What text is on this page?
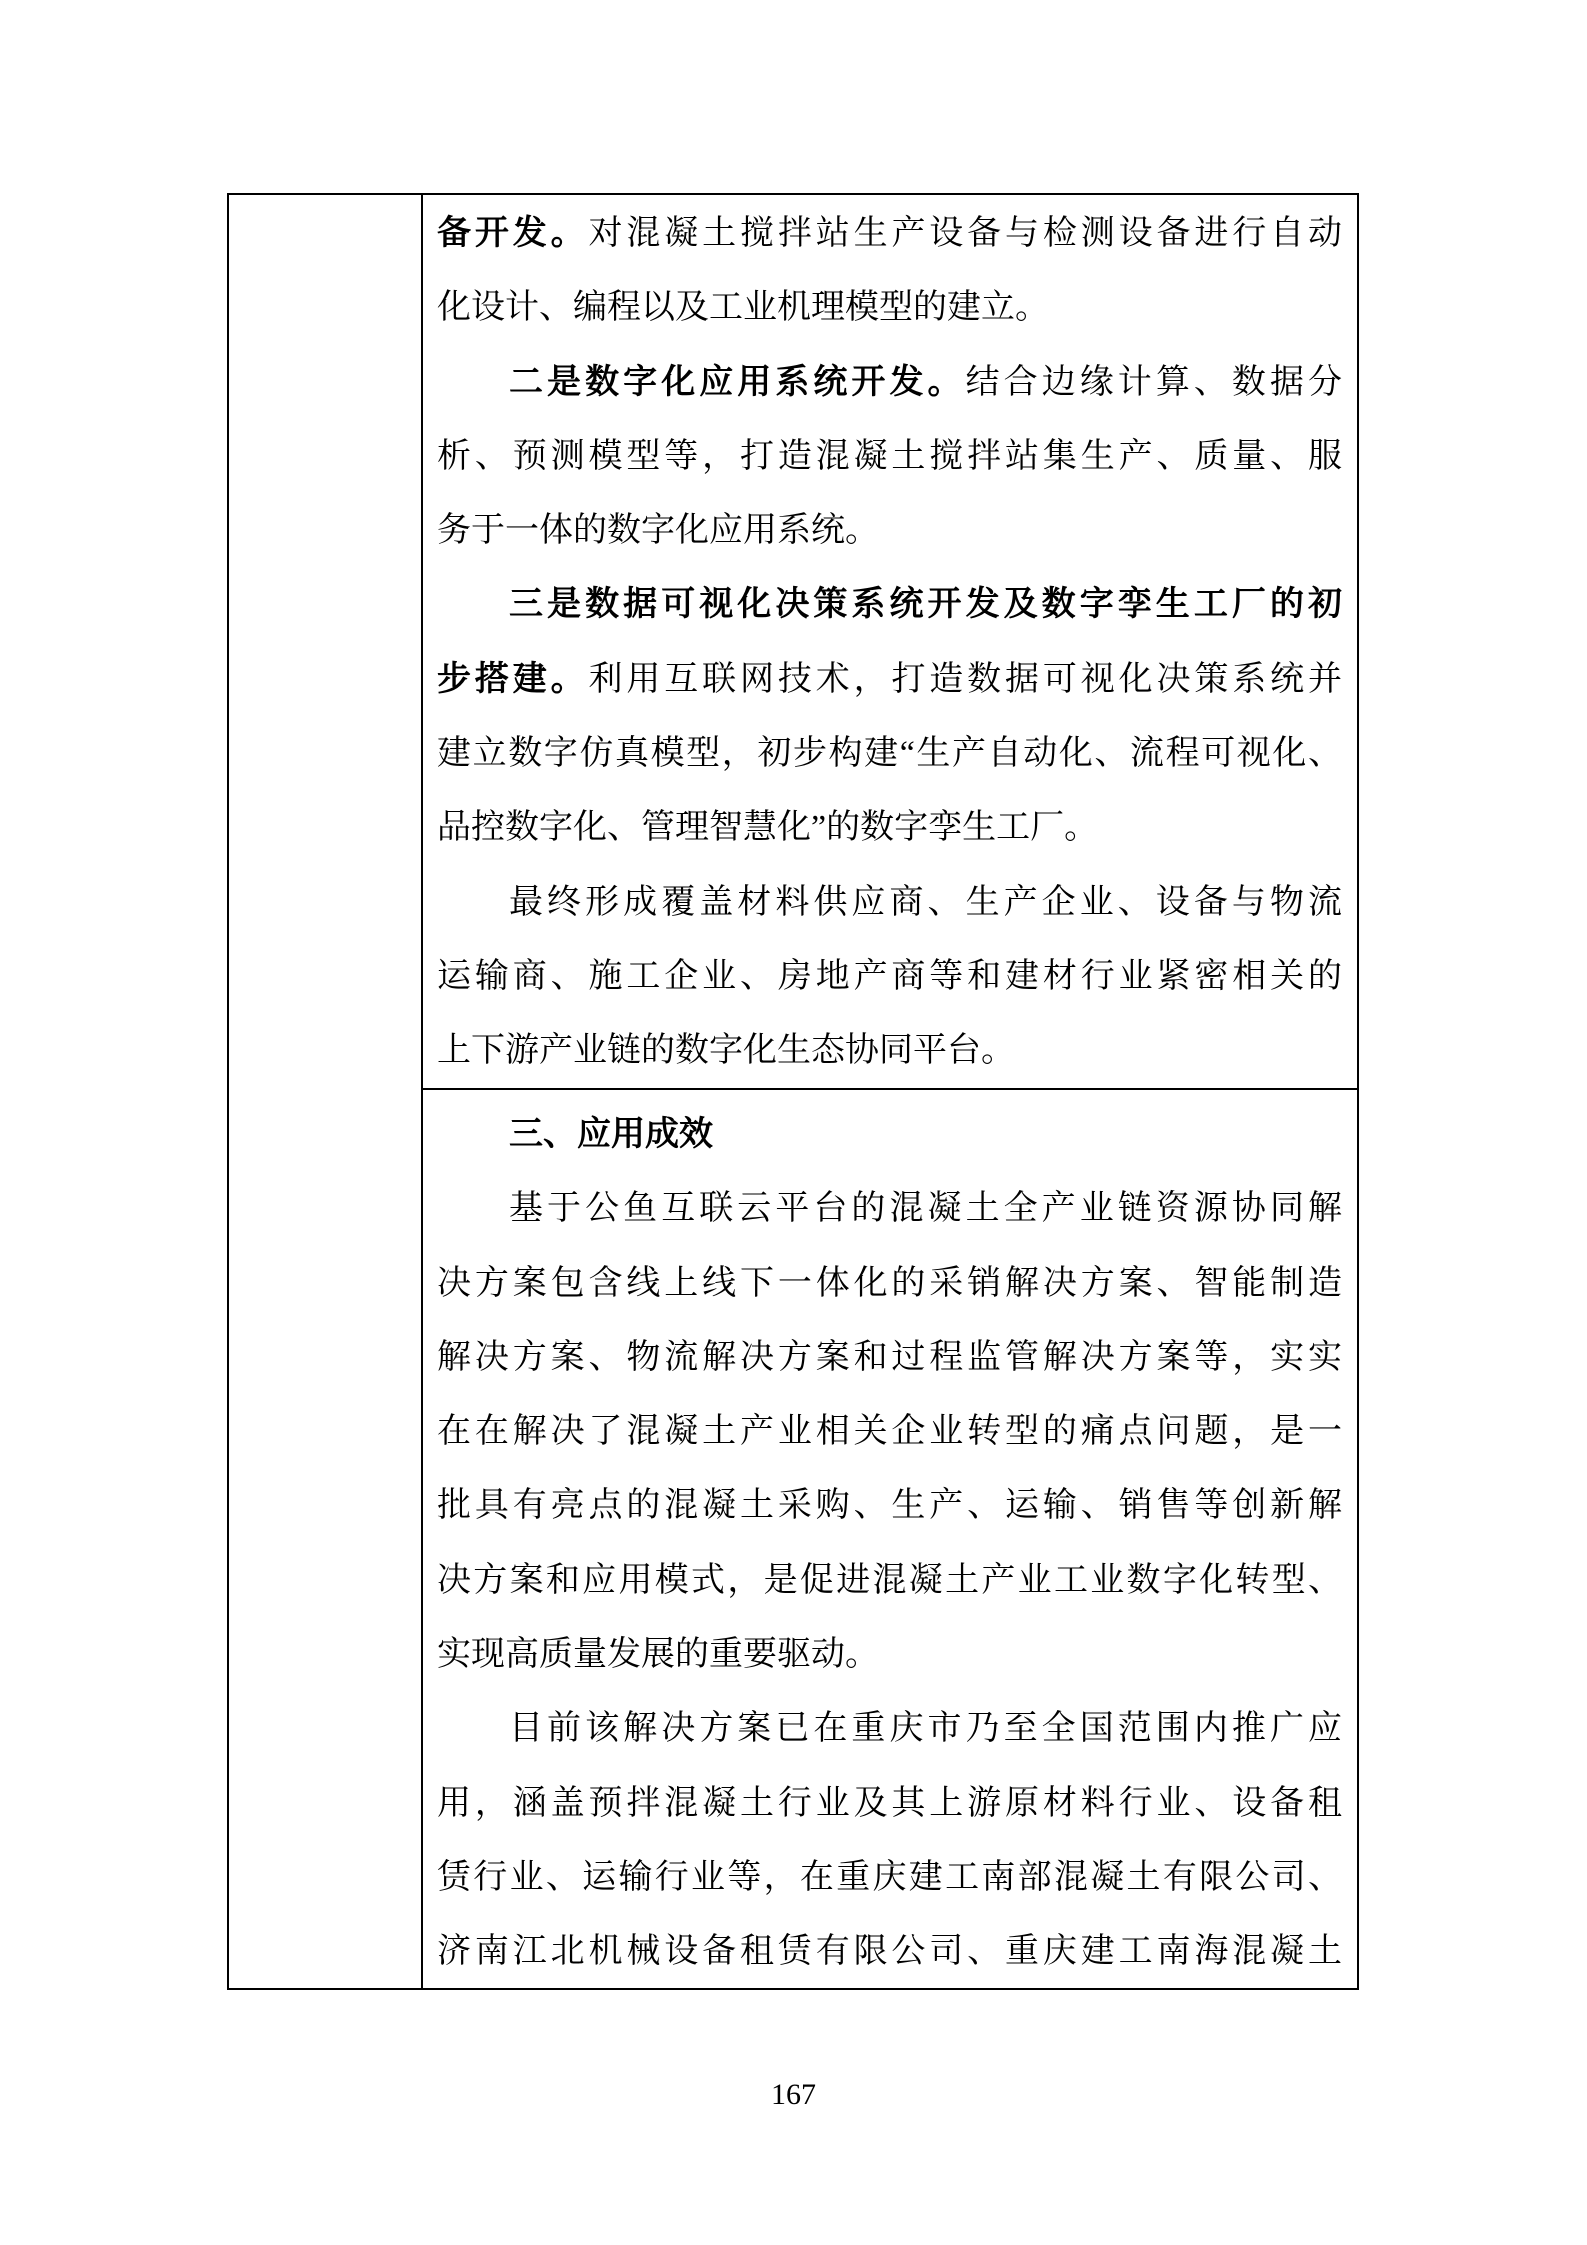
备开发。对混凝土搅拌站生产设备与检测设备进行自动
化设计、编程以及工业机理模型的建立。
二是数字化应用系统开发。结合边缘计算、数据分
析、预测模型等，打造混凝土搅拌站集生产、质量、服
务于一体的数字化应用系统。
三是数据可视化决策系统开发及数字孪生工厂的初
步搭建。利用互联网技术，打造数据可视化决策系统并
建立数字仿真模型，初步构建“生产自动化、流程可视化、
品控数字化、管理智慧化”的数字孪生工厂。
最终形成覆盖材料供应商、生产企业、设备与物流
运输商、施工企业、房地产商等和建材行业紧密相关的
上下游产业链的数字化生态协同平台。
三、应用成效
基于公鱼互联云平台的混凝土全产业链资源协同解
决方案包含线上线下一体化的采销解决方案、智能制造
解决方案、物流解决方案和过程监管解决方案等，实实
在在解决了混凝土产业相关企业转型的痛点问题，是一
批具有亮点的混凝土采购、生产、运输、销售等创新解
决方案和应用模式，是促进混凝土产业工业数字化转型、
实现高质量发展的重要驱动。
目前该解决方案已在重庆市乃至全国范围内推广应
用，涵盖预拌混凝土行业及其上游原材料行业、设备租
赁行业、运输行业等，在重庆建工南部混凝土有限公司、
济南江北机械设备租赁有限公司、重庆建工南海混凝土
167
